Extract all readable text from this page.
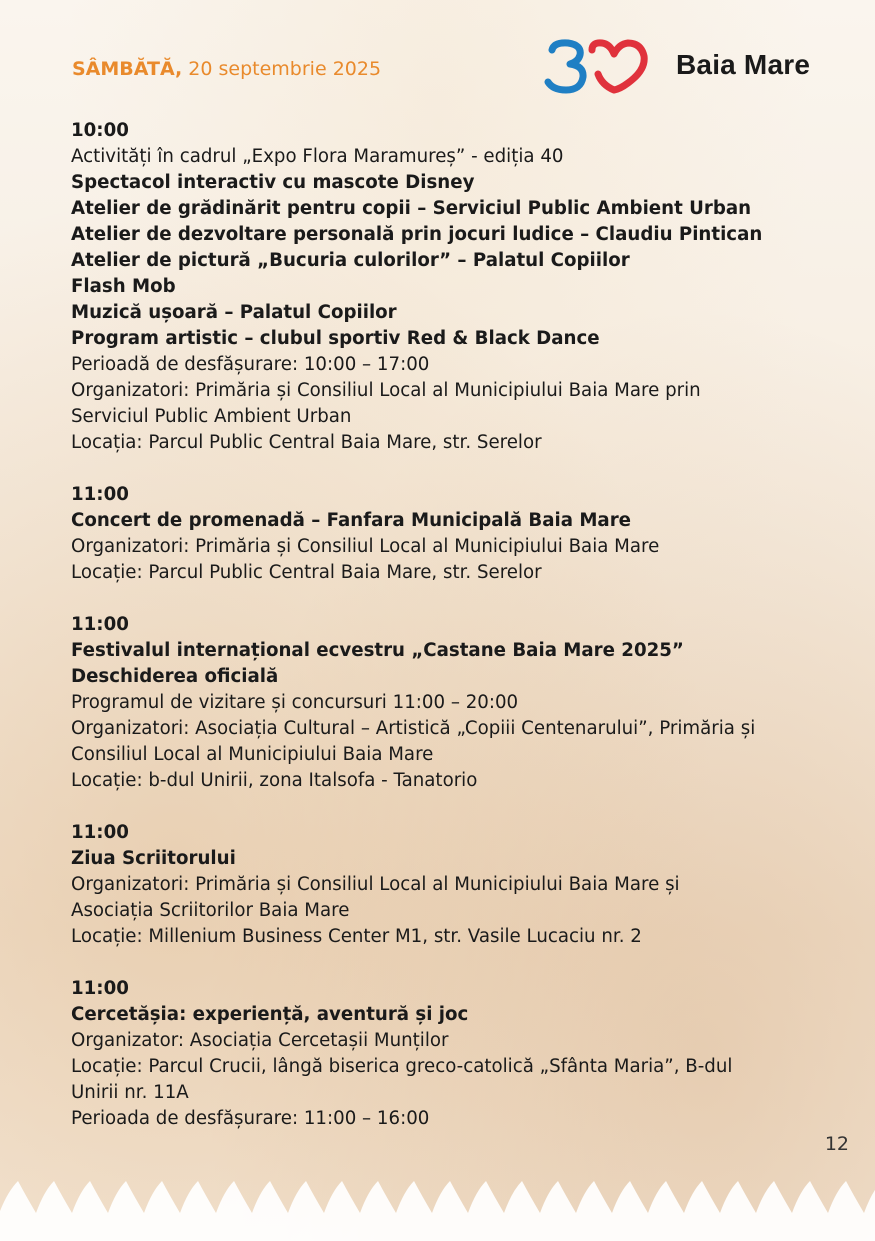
SÂMBĂTĂ, 20 septembrie 2025	Baia Mare
10:00
Activități în cadrul „Expo Flora Maramureș” - ediția 40
Spectacol interactiv cu mascote Disney
Atelier de grădinărit pentru copii – Serviciul Public Ambient Urban
Atelier de dezvoltare personală prin jocuri ludice – Claudiu Pintican
Atelier de pictură „Bucuria culorilor” – Palatul Copiilor
Flash Mob
Muzică ușoară – Palatul Copiilor
Program artistic – clubul sportiv Red & Black Dance
Perioadă de desfășurare: 10:00 – 17:00
Organizatori: Primăria și Consiliul Local al Municipiului Baia Mare prin
Serviciul Public Ambient Urban
Locația: Parcul Public Central Baia Mare, str. Serelor
11:00
Concert de promenadă – Fanfara Municipală Baia Mare
Organizatori: Primăria și Consiliul Local al Municipiului Baia Mare
Locație: Parcul Public Central Baia Mare, str. Serelor
11:00
Festivalul internațional ecvestru „Castane Baia Mare 2025”
Deschiderea oficială
Programul de vizitare și concursuri 11:00 – 20:00
Organizatori: Asociația Cultural – Artistică „Copiii Centenarului”, Primăria și
Consiliul Local al Municipiului Baia Mare
Locație: b-dul Unirii, zona Italsofa - Tanatorio
11:00
Ziua Scriitorului
Organizatori: Primăria și Consiliul Local al Municipiului Baia Mare și
Asociația Scriitorilor Baia Mare
Locație: Millenium Business Center M1, str. Vasile Lucaciu nr. 2
11:00
Cercetășia: experiență, aventură și joc
Organizator: Asociația Cercetașii Munților
Locație: Parcul Crucii, lângă biserica greco-catolică „Sfânta Maria”, B-dul
Unirii nr. 11A
Perioada de desfășurare: 11:00 – 16:00
12
